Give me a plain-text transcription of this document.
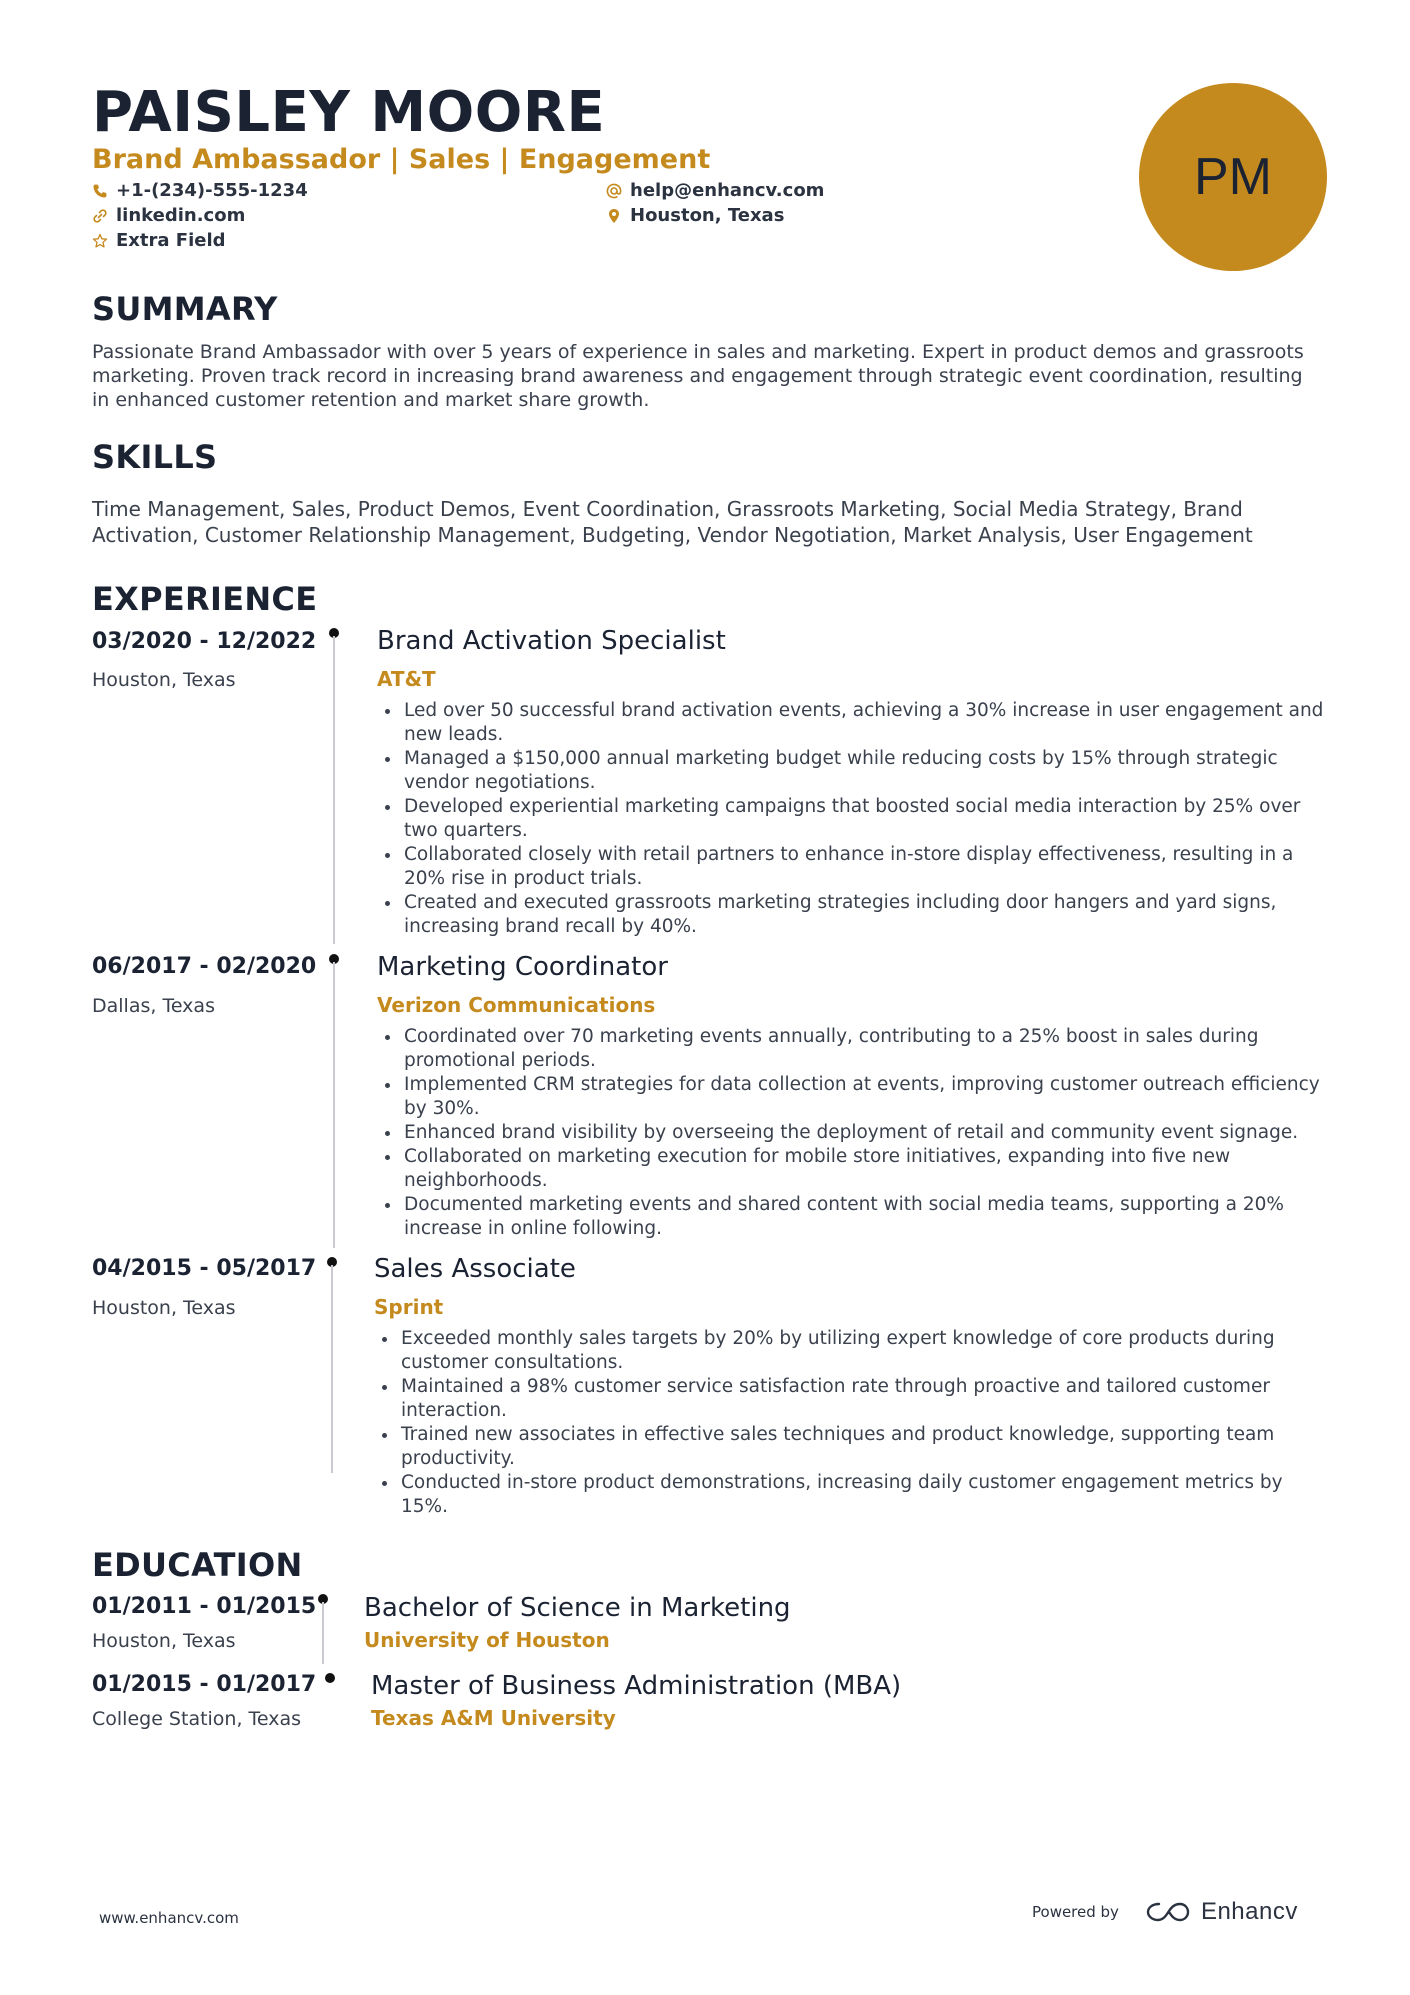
PAISLEY MOORE
Brand Ambassador | Sales | Engagement
+1-(234)-555-1234	help@enhancv.com
linkedin.com	Houston, Texas
Extra Field
PM
SUMMARY
Passionate Brand Ambassador with over 5 years of experience in sales and marketing. Expert in product demos and grassroots marketing. Proven track record in increasing brand awareness and engagement through strategic event coordination, resulting in enhanced customer retention and market share growth.
SKILLS
Time Management, Sales, Product Demos, Event Coordination, Grassroots Marketing, Social Media Strategy, Brand Activation, Customer Relationship Management, Budgeting, Vendor Negotiation, Market Analysis, User Engagement
EXPERIENCE
03/2020 - 12/2022
Houston, Texas
Brand Activation Specialist
AT&T
Led over 50 successful brand activation events, achieving a 30% increase in user engagement and new leads.
Managed a $150,000 annual marketing budget while reducing costs by 15% through strategic vendor negotiations.
Developed experiential marketing campaigns that boosted social media interaction by 25% over two quarters.
Collaborated closely with retail partners to enhance in-store display effectiveness, resulting in a 20% rise in product trials.
Created and executed grassroots marketing strategies including door hangers and yard signs, increasing brand recall by 40%.
06/2017 - 02/2020
Dallas, Texas
Marketing Coordinator
Verizon Communications
Coordinated over 70 marketing events annually, contributing to a 25% boost in sales during promotional periods.
Implemented CRM strategies for data collection at events, improving customer outreach efficiency by 30%.
Enhanced brand visibility by overseeing the deployment of retail and community event signage.
Collaborated on marketing execution for mobile store initiatives, expanding into five new neighborhoods.
Documented marketing events and shared content with social media teams, supporting a 20% increase in online following.
04/2015 - 05/2017
Houston, Texas
Sales Associate
Sprint
Exceeded monthly sales targets by 20% by utilizing expert knowledge of core products during customer consultations.
Maintained a 98% customer service satisfaction rate through proactive and tailored customer interaction.
Trained new associates in effective sales techniques and product knowledge, supporting team productivity.
Conducted in-store product demonstrations, increasing daily customer engagement metrics by 15%.
EDUCATION
01/2011 - 01/2015
Houston, Texas
Bachelor of Science in Marketing
University of Houston
01/2015 - 01/2017
College Station, Texas
Master of Business Administration (MBA)
Texas A&M University
www.enhancv.com	Powered by	Enhancv
